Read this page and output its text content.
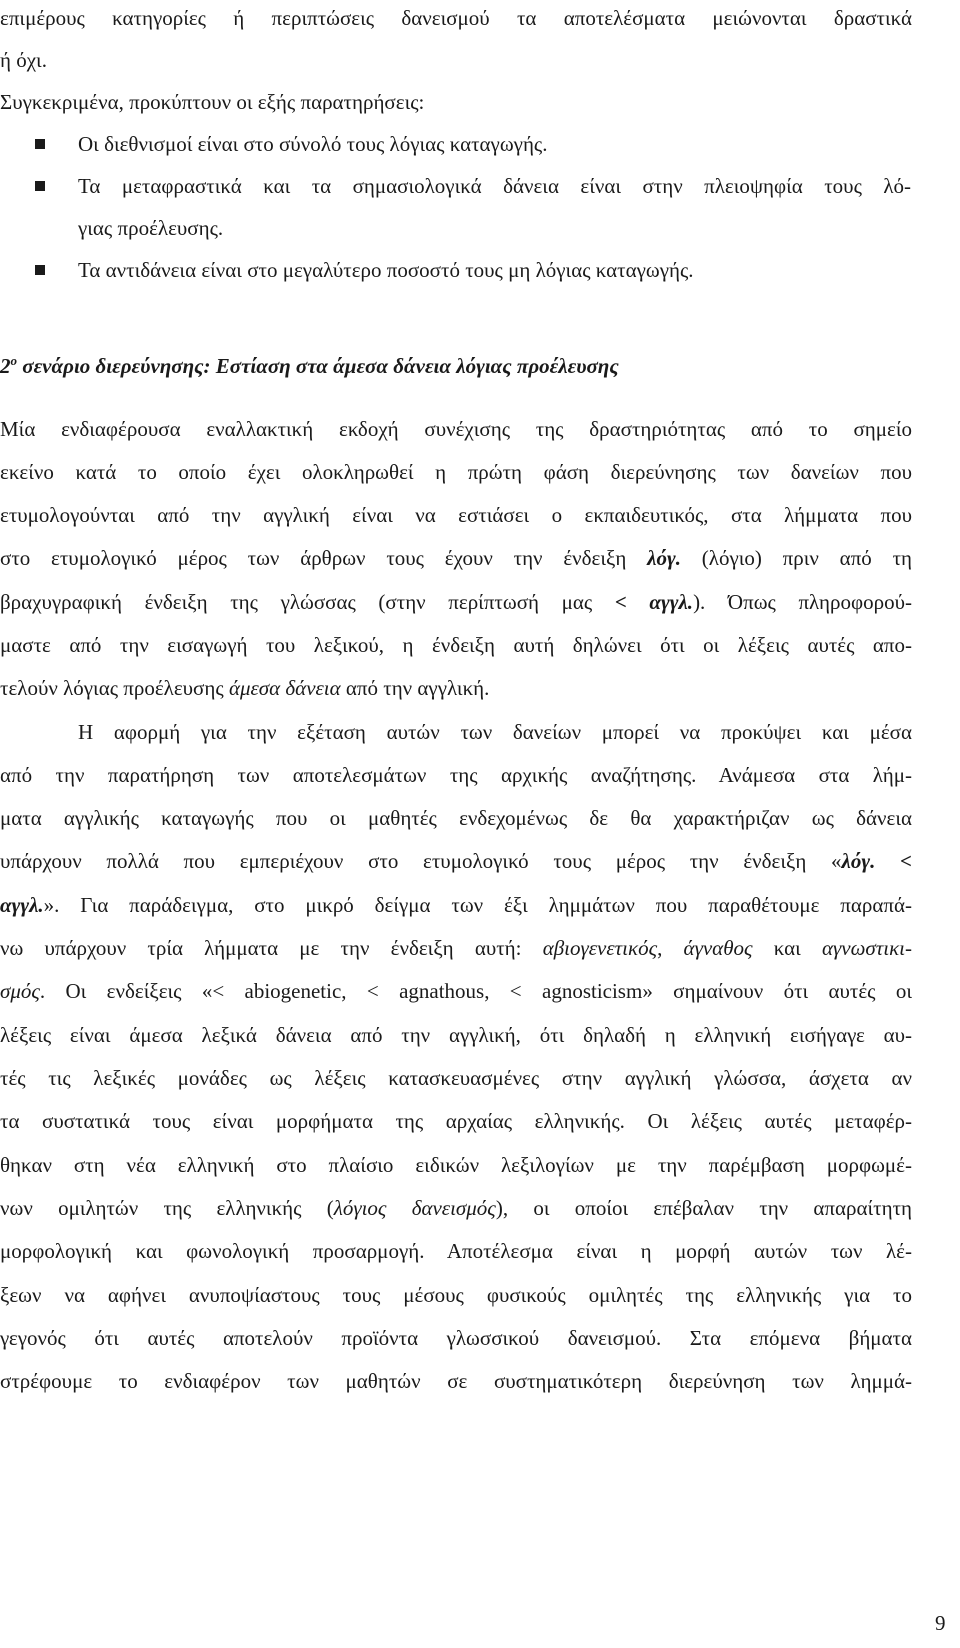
επιμέρους κατηγορίες ή περιπτώσεις δανεισμού τα αποτελέσματα μειώνονται δραστικά
ή όχι.
Συγκεκριμένα, προκύπτουν οι εξής παρατηρήσεις:
Οι διεθνισμοί είναι στο σύνολό τους λόγιας καταγωγής.
Τα μεταφραστικά και τα σημασιολογικά δάνεια είναι στην πλειοψηφία τους λό-
γιας προέλευσης.
Τα αντιδάνεια είναι στο μεγαλύτερο ποσοστό τους μη λόγιας καταγωγής.
$2^o$ σενάριο διερεύνησης: Εστίαση στα άμεσα δάνεια λόγιας προέλευσης
Μία ενδιαφέρουσα εναλλακτική εκδοχή συνέχισης της δραστηριότητας από το σημείο
εκείνο κατά το οποίο έχει ολοκληρωθεί η πρώτη φάση διερεύνησης των δανείων που
ετυμολογούνται από την αγγλική είναι να εστιάσει ο εκπαιδευτικός, στα λήμματα που
στο ετυμολογικό μέρος των άρθρων τους έχουν την ένδειξη λόγ. (λόγιο) πριν από τη
βραχυγραφική ένδειξη της γλώσσας (στην περίπτωσή μας < αγγλ.). Όπως πληροφορού-
μαστε από την εισαγωγή του λεξικού, η ένδειξη αυτή δηλώνει ότι οι λέξεις αυτές απο-
τελούν λόγιας προέλευσης άμεσα δάνεια από την αγγλική.
Η αφορμή για την εξέταση αυτών των δανείων μπορεί να προκύψει και μέσα
από την παρατήρηση των αποτελεσμάτων της αρχικής αναζήτησης. Ανάμεσα στα λήμ-
ματα αγγλικής καταγωγής που οι μαθητές ενδεχομένως δε θα χαρακτήριζαν ως δάνεια
υπάρχουν πολλά που εμπεριέχουν στο ετυμολογικό τους μέρος την ένδειξη «λόγ. <
αγγλ.». Για παράδειγμα, στο μικρό δείγμα των έξι λημμάτων που παραθέτουμε παραπά-
νω υπάρχουν τρία λήμματα με την ένδειξη αυτή: αβιογενετικός, άγναθος και αγνωστικι-
σμός. Οι ενδείξεις «< abiogenetic, < agnathous, < agnosticism» σημαίνουν ότι αυτές οι
λέξεις είναι άμεσα λεξικά δάνεια από την αγγλική, ότι δηλαδή η ελληνική εισήγαγε αυ-
τές τις λεξικές μονάδες ως λέξεις κατασκευασμένες στην αγγλική γλώσσα, άσχετα αν
τα συστατικά τους είναι μορφήματα της αρχαίας ελληνικής. Οι λέξεις αυτές μεταφέρ-
θηκαν στη νέα ελληνική στο πλαίσιο ειδικών λεξιλογίων με την παρέμβαση μορφωμέ-
νων ομιλητών της ελληνικής (λόγιος δανεισμός), οι οποίοι επέβαλαν την απαραίτητη
μορφολογική και φωνολογική προσαρμογή. Αποτέλεσμα είναι η μορφή αυτών των λέ-
ξεων να αφήνει ανυποψίαστους τους μέσους φυσικούς ομιλητές της ελληνικής για το
γεγονός ότι αυτές αποτελούν προϊόντα γλωσσικού δανεισμού. Στα επόμενα βήματα
στρέφουμε το ενδιαφέρον των μαθητών σε συστηματικότερη διερεύνηση των λημμά-
9
